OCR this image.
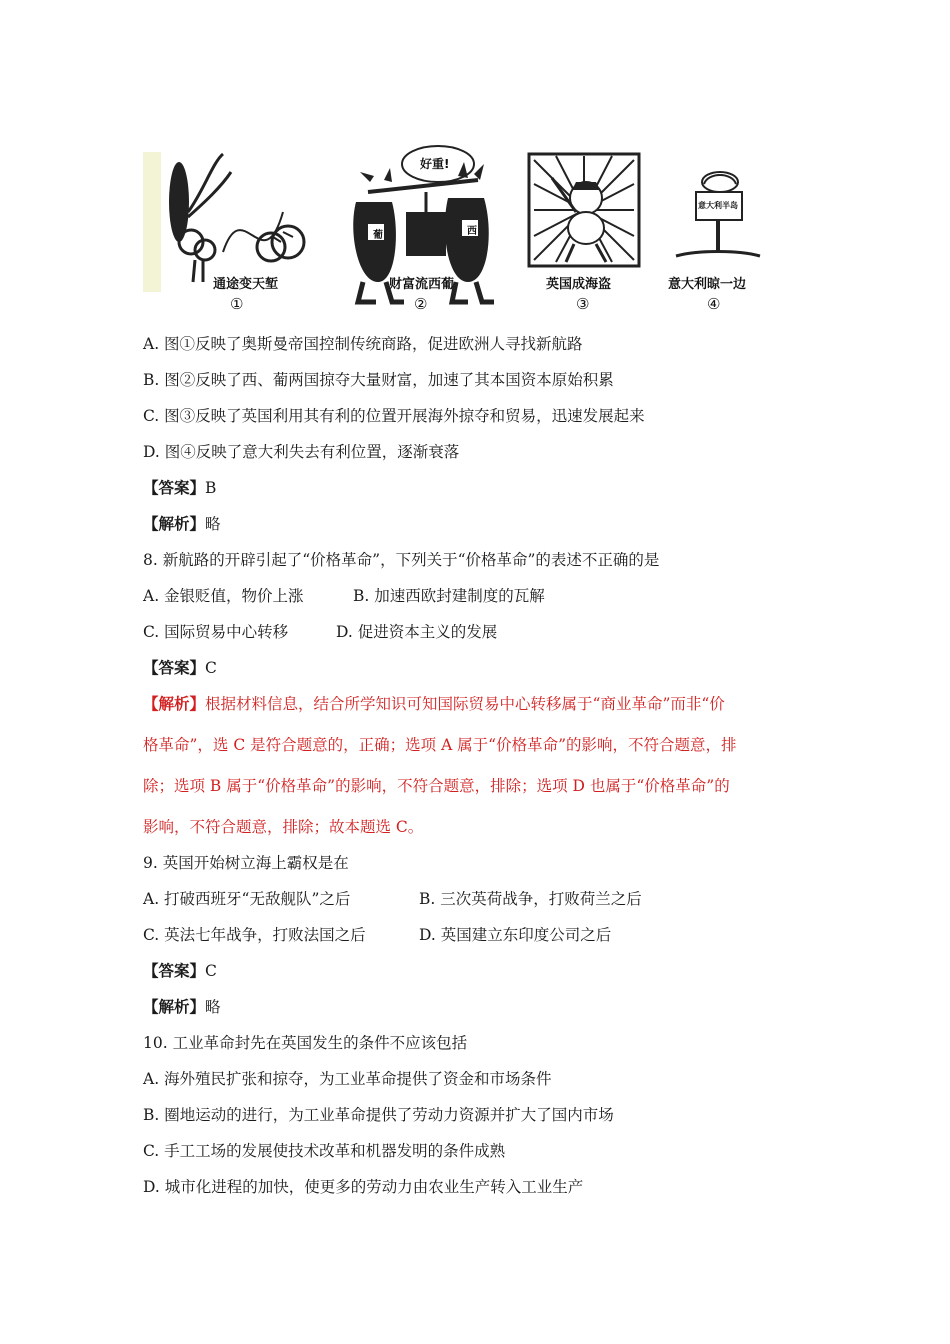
通途变天堑
①
好重!
葡	西
财富流西葡
②
英国成海盗
③
意大利半岛
意大利晾一边
④
A. 图①反映了奥斯曼帝国控制传统商路，促进欧洲人寻找新航路
B. 图②反映了西、葡两国掠夺大量财富，加速了其本国资本原始积累
C. 图③反映了英国利用其有利的位置开展海外掠夺和贸易，迅速发展起来
D. 图④反映了意大利失去有利位置，逐渐衰落
【答案】B
【解析】略
8. 新航路的开辟引起了“价格革命”，下列关于“价格革命”的表述不正确的是
A. 金银贬值，物价上涨	B. 加速西欧封建制度的瓦解
C. 国际贸易中心转移	D. 促进资本主义的发展
【答案】C
【解析】根据材料信息，结合所学知识可知国际贸易中心转移属于“商业革命”而非“价
格革命”，选 C 是符合题意的，正确；选项 A 属于“价格革命”的影响，不符合题意，排
除；选项 B 属于“价格革命”的影响，不符合题意，排除；选项 D 也属于“价格革命”的
影响，不符合题意，排除；故本题选 C。
9. 英国开始树立海上霸权是在
A. 打破西班牙“无敌舰队”之后	B. 三次英荷战争，打败荷兰之后
C. 英法七年战争，打败法国之后	D. 英国建立东印度公司之后
【答案】C
【解析】略
10. 工业革命封先在英国发生的条件不应该包括
A. 海外殖民扩张和掠夺，为工业革命提供了资金和市场条件
B. 圈地运动的进行，为工业革命提供了劳动力资源并扩大了国内市场
C. 手工工场的发展使技术改革和机器发明的条件成熟
D. 城市化进程的加快，使更多的劳动力由农业生产转入工业生产
